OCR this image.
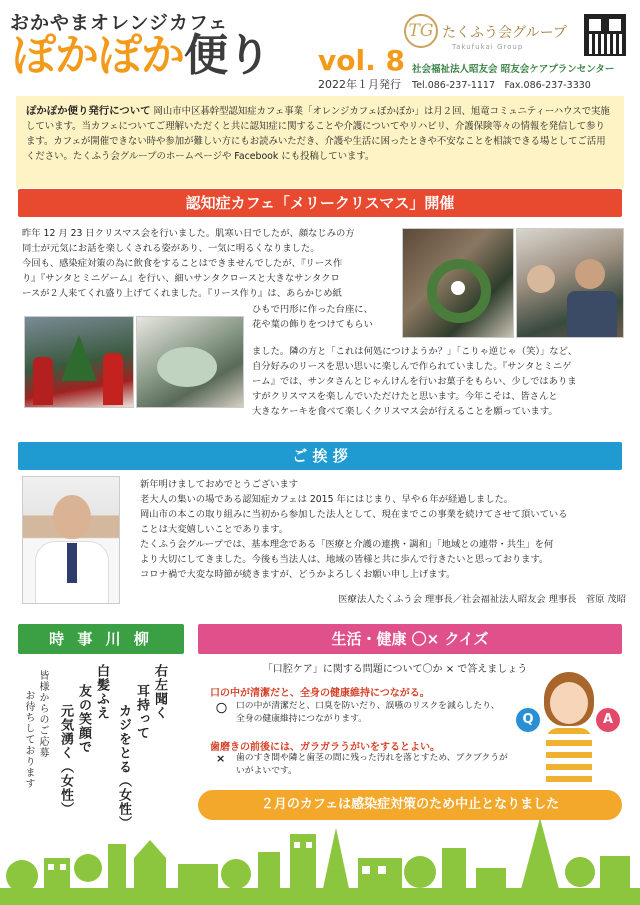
おかやまオレンジカフェ
ぽかぽか便り vol. 8
2022年１月発行
TG たくふう会グループ
Takufukai Group
社会福祉法人昭友会 昭友会ケアプランセンター
Tel.086-237-1117　Fax.086-237-3330
ぽかぽか便り発行について 岡山市中区碁幹型認知症カフェ事業「オレンジカフェぽかぽか」は月２回、旭竜コミュニティーハウスで実施しています。当カフェについてご理解いただくと共に認知症に関することや介護についてやリハビリ、介護保険等々の情報を発信して参ります。カフェが開催できない時や参加が難しい方にもお読みいただき、介護や生活に困ったときや不安なことを相談できる場としてご活用ください。たくふう会グループのホームページや Facebook にも投稿しています。
認知症カフェ「メリークリスマス」開催
昨年 12 月 23 日クリスマス会を行いました。肌寒い日でしたが、顔なじみの方
同士が元気にお話を楽しくされる姿があり、一気に明るくなりました。
今回も、感染症対策の為に飲食をすることはできませんでしたが、『リース作
り』『サンタとミニゲーム』を行い、細いサンタクロースと大きなサンタクロ
ースが２人来てくれ盛り上げてくれました。『リース作り』は、あらかじめ紙
ひもで円形に作った台座に、
花や葉の飾りをつけてもらい
ました。隣の方と「これは何処につけようか？」「こりゃ逆じゃ（笑）」など、
自分好みのリースを思い思いに楽しんで作られていました。『サンタとミニゲ
ーム』では、サンタさんとじゃんけんを行いお菓子をもらい、少しではありま
すがクリスマスを楽しんでいただけたと思います。今年こそは、皆さんと
大きなケーキを食べて楽しくクリスマス会が行えることを願っています。
ご 挨 拶
新年明けましておめでとうございます
老大人の集いの場である認知症カフェは 2015 年にはじまり、早や６年が経過しました。
岡山市の本この取り組みに当初から参加した法人として、現在までこの事業を続けてさせて頂いている
ことは大変嬉しいことであります。
たくふう会グループでは、基本理念である「医療と介護の連携・調和」「地域との連帯・共生」を何
より大切にしてきました。今後も当法人は、地域の皆様と共に歩んで行きたいと思っております。
コロナ禍で大変な時節が続きますが、どうかよろしくお願い申し上げます。
医療法人たくふう会 理事長／社会福祉法人昭友会 理事長　菅原 茂昭
時 事 川 柳
右左聞く
耳持って
カジをとる（女性）
白髪ふえ
友の笑顔で
元気湧く（女性）
皆様からのご応募
お待ちしております
生活・健康 〇× クイズ
「口腔ケア」に関する問題について〇か × で答えましょう
口の中が清潔だと、全身の健康維持につながる。
〇 口の中が清潔だと、口臭を防いだり、誤嚥のリスクを減らしたり、全身の健康維持につながります。
歯磨きの前後には、ガラガラうがいをするとよい。
× 歯のすき間や隣と歯茎の間に残った汚れを落とすため、ブクブクうがいがよいです。
Q	A
２月のカフェは感染症対策のため中止となりました
